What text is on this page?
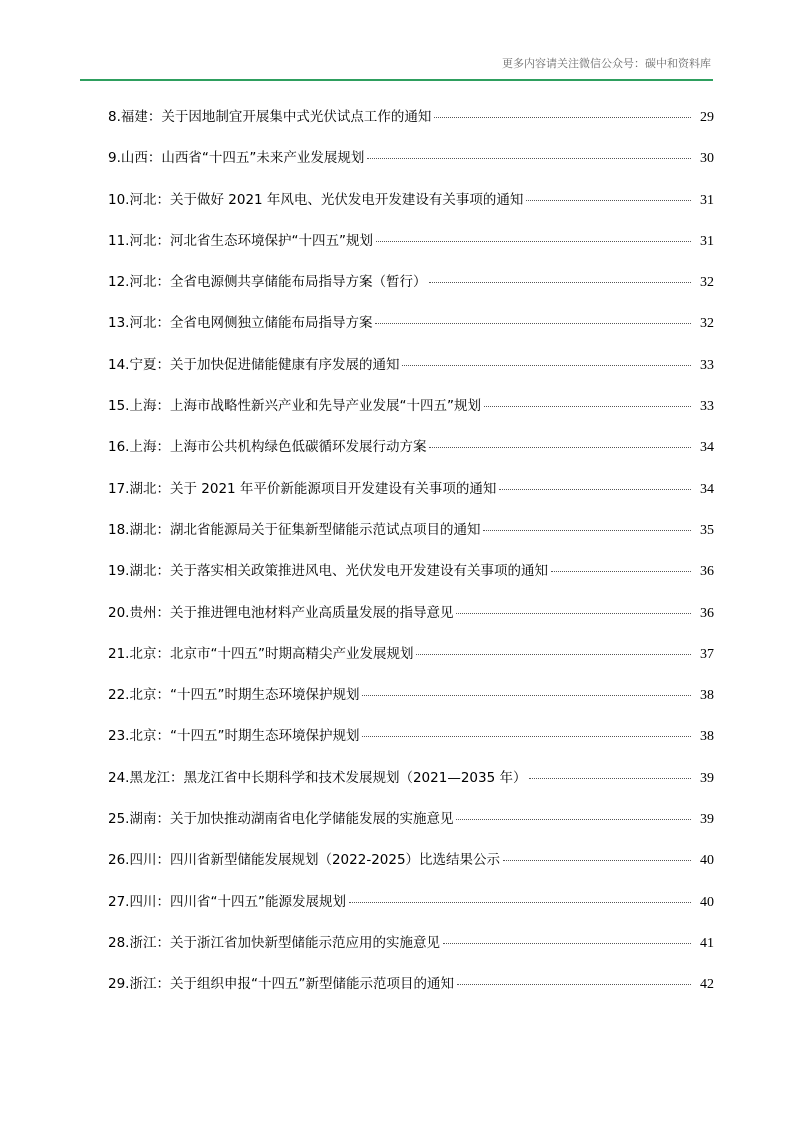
更多内容请关注微信公众号：碳中和资料库
8.福建：关于因地制宜开展集中式光伏试点工作的通知	29
9.山西：山西省“十四五”未来产业发展规划	30
10.河北：关于做好 2021 年风电、光伏发电开发建设有关事项的通知	31
11.河北：河北省生态环境保护“十四五”规划	31
12.河北：全省电源侧共享储能布局指导方案（暂行）	32
13.河北：全省电网侧独立储能布局指导方案	32
14.宁夏：关于加快促进储能健康有序发展的通知	33
15.上海：上海市战略性新兴产业和先导产业发展“十四五”规划	33
16.上海：上海市公共机构绿色低碳循环发展行动方案	34
17.湖北：关于 2021 年平价新能源项目开发建设有关事项的通知	34
18.湖北：湖北省能源局关于征集新型储能示范试点项目的通知	35
19.湖北：关于落实相关政策推进风电、光伏发电开发建设有关事项的通知	36
20.贵州：关于推进锂电池材料产业高质量发展的指导意见	36
21.北京：北京市“十四五”时期高精尖产业发展规划	37
22.北京：“十四五”时期生态环境保护规划	38
23.北京：“十四五”时期生态环境保护规划	38
24.黑龙江：黑龙江省中长期科学和技术发展规划（2021—2035 年）	39
25.湖南：关于加快推动湖南省电化学储能发展的实施意见	39
26.四川：四川省新型储能发展规划（2022-2025）比选结果公示	40
27.四川：四川省“十四五”能源发展规划	40
28.浙江：关于浙江省加快新型储能示范应用的实施意见	41
29.浙江：关于组织申报“十四五”新型储能示范项目的通知	42
